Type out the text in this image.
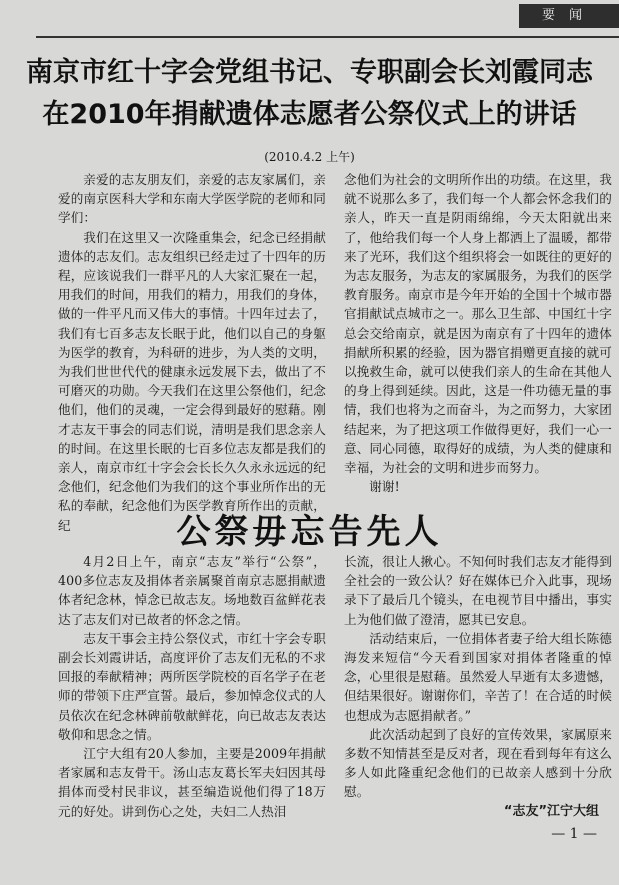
要闻
南京市红十字会党组书记、专职副会长刘霞同志
在2010年捐献遗体志愿者公祭仪式上的讲话
(2010.4.2 上午)

亲爱的志友朋友们，亲爱的志友家属们，亲爱的南京医科大学和东南大学医学院的老师和同学们：

我们在这里又一次隆重集会，纪念已经捐献遗体的志友们。志友组织已经走过了十四年的历程，应该说我们一群平凡的人大家汇聚在一起，用我们的时间，用我们的精力，用我们的身体，做的一件平凡而又伟大的事情。十四年过去了，我们有七百多志友长眠于此，他们以自己的身躯为医学的教育，为科研的进步，为人类的文明，为我们世世代代的健康永远发展下去，做出了不可磨灭的功勋。今天我们在这里公祭他们，纪念他们，他们的灵魂，一定会得到最好的慰藉。刚才志友干事会的同志们说，清明是我们思念亲人的时间。在这里长眠的七百多位志友都是我们的亲人，南京市红十字会会长长久久永永远远的纪念他们，纪念他们为我们的这个事业所作出的无私的奉献，纪念他们为医学教育所作出的贡献，纪

念他们为社会的文明所作出的功绩。在这里，我就不说那么多了，我们每一个人都会怀念我们的亲人，昨天一直是阴雨绵绵，今天太阳就出来了，他给我们每一个人身上都洒上了温暖，都带来了光环，我们这个组织将会一如既往的更好的为志友服务，为志友的家属服务，为我们的医学教育服务。南京市是今年开始的全国十个城市器官捐献试点城市之一。那么卫生部、中国红十字总会交给南京，就是因为南京有了十四年的遗体捐献所积累的经验，因为器官捐赠更直接的就可以挽救生命，就可以使我们亲人的生命在其他人的身上得到延续。因此，这是一件功德无量的事情，我们也将为之而奋斗，为之而努力，大家团结起来，为了把这项工作做得更好，我们一心一意、同心同德，取得好的成绩，为人类的健康和幸福，为社会的文明和进步而努力。

谢谢!

公祭毋忘告先人

4月2日上午，南京“志友”举行“公祭”，400多位志友及捐体者亲属聚首南京志愿捐献遗体者纪念林，悼念已故志友。场地数百盆鲜花表达了志友们对已故者的怀念之情。

志友干事会主持公祭仪式，市红十字会专职副会长刘霞讲话，高度评价了志友们无私的不求回报的奉献精神；两所医学院校的百名学子在老师的带领下庄严宣誓。最后，参加悼念仪式的人员依次在纪念林碑前敬献鲜花，向已故志友表达敬仰和思念之情。

江宁大组有20人参加，主要是2009年捐献者家属和志友骨干。汤山志友葛长军夫妇因其母捐体而受村民非议，甚至编造说他们得了18万元的好处。讲到伤心之处，夫妇二人热泪

长流，很让人揪心。不知何时我们志友才能得到全社会的一致公认？好在媒体已介入此事，现场录下了最后几个镜头，在电视节目中播出，事实上为他们做了澄清，愿其已安息。

活动结束后，一位捐体者妻子给大组长陈德海发来短信“今天看到国家对捐体者隆重的悼念，心里很是慰藉。虽然爱人早逝有太多遗憾，但结果很好。谢谢你们，辛苦了！在合适的时候也想成为志愿捐献者。”

此次活动起到了良好的宣传效果，家属原来多数不知情甚至是反对者，现在看到每年有这么多人如此隆重纪念他们的已故亲人感到十分欣慰。

“志友”江宁大组
— 1 —
